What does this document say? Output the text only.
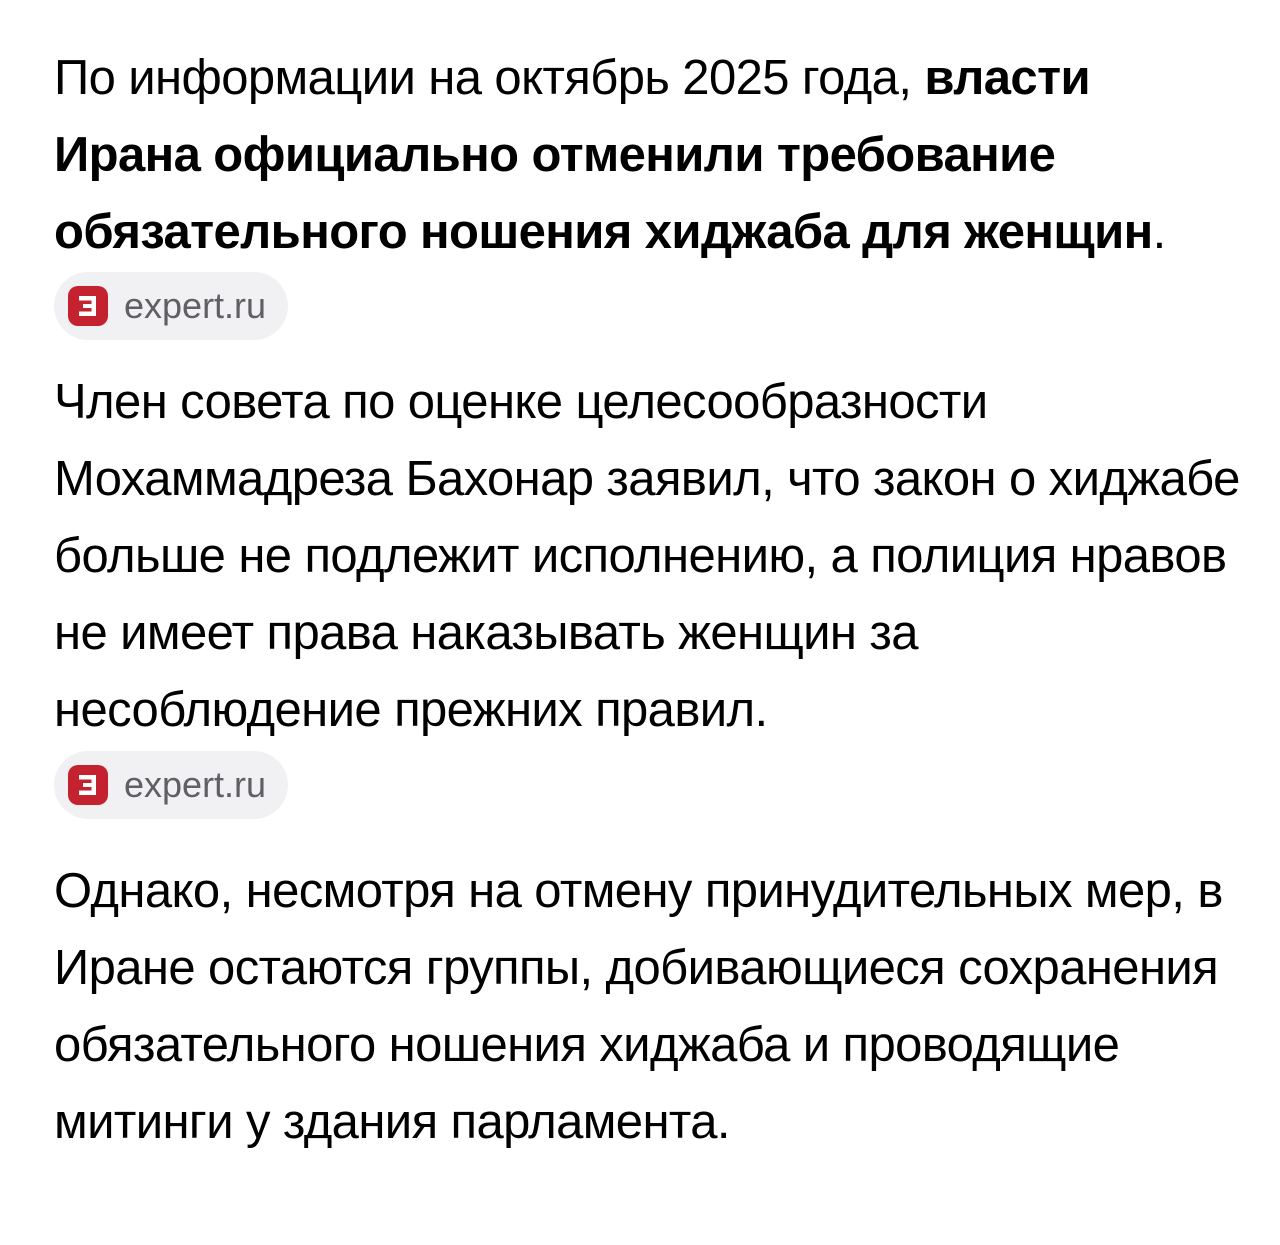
По информации на октябрь 2025 года, власти Ирана официально отменили требование обязательного ношения хиджаба для женщин.
expert.ru

Член совета по оценке целесообразности Мохаммадреза Бахонар заявил, что закон о хиджабе больше не подлежит исполнению, а полиция нравов не имеет права наказывать женщин за несоблюдение прежних правил.

expert.ru

Однако, несмотря на отмену принудительных мер, в Иране остаются группы, добивающиеся сохранения обязательного ношения хиджаба и проводящие митинги у здания парламента.
